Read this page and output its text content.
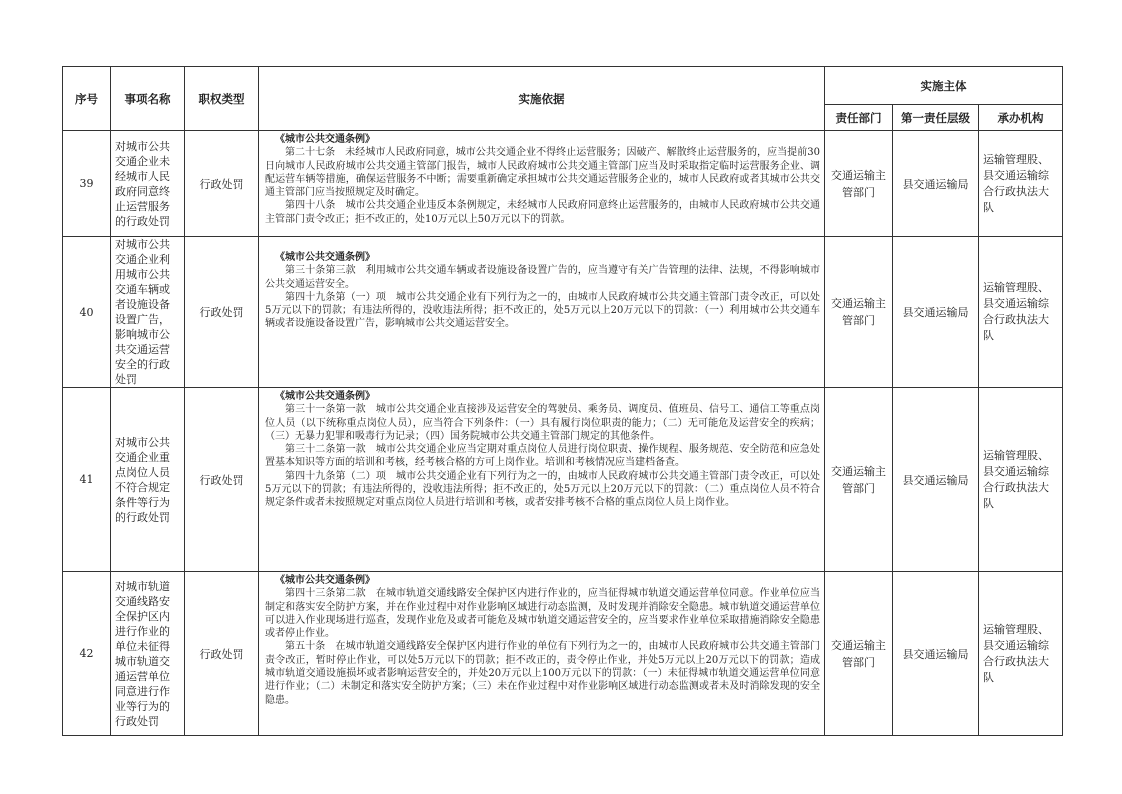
序号	事项名称	职权类型	实施依据	实施主体		
				责任部门	第一责任层级	承办机构
39	对城市公共交通企业未经城市人民政府同意终止运营服务的行政处罚	行政处罚	《城市公共交通条例》

第二十七条　未经城市人民政府同意，城市公共交通企业不得终止运营服务；因破产、解散终止运营服务的，应当提前30日向城市人民政府城市公共交通主管部门报告，城市人民政府城市公共交通主管部门应当及时采取指定临时运营服务企业、调配运营车辆等措施，确保运营服务不中断；需要重新确定承担城市公共交通运营服务企业的，城市人民政府或者其城市公共交通主管部门应当按照规定及时确定。

第四十八条　城市公共交通企业违反本条例规定，未经城市人民政府同意终止运营服务的，由城市人民政府城市公共交通主管部门责令改正；拒不改正的，处10万元以上50万元以下的罚款。	交通运输主管部门	县交通运输局	运输管理股、县交通运输综合行政执法大队
40	对城市公共交通企业利用城市公共交通车辆或者设施设备设置广告，影响城市公共交通运营安全的行政处罚	行政处罚	《城市公共交通条例》

第三十条第三款　利用城市公共交通车辆或者设施设备设置广告的，应当遵守有关广告管理的法律、法规，不得影响城市公共交通运营安全。

第四十九条第（一）项　城市公共交通企业有下列行为之一的，由城市人民政府城市公共交通主管部门责令改正，可以处5万元以下的罚款；有违法所得的，没收违法所得；拒不改正的，处5万元以上20万元以下的罚款：（一）利用城市公共交通车辆或者设施设备设置广告，影响城市公共交通运营安全。	交通运输主管部门	县交通运输局	运输管理股、县交通运输综合行政执法大队
41	对城市公共交通企业重点岗位人员不符合规定条件等行为的行政处罚	行政处罚	《城市公共交通条例》

第三十一条第一款　城市公共交通企业直接涉及运营安全的驾驶员、乘务员、调度员、值班员、信号工、通信工等重点岗位人员（以下统称重点岗位人员），应当符合下列条件：（一）具有履行岗位职责的能力；（二）无可能危及运营安全的疾病；（三）无暴力犯罪和吸毒行为记录；（四）国务院城市公共交通主管部门规定的其他条件。

第三十二条第一款　城市公共交通企业应当定期对重点岗位人员进行岗位职责、操作规程、服务规范、安全防范和应急处置基本知识等方面的培训和考核，经考核合格的方可上岗作业。培训和考核情况应当建档备查。

第四十九条第（二）项　城市公共交通企业有下列行为之一的，由城市人民政府城市公共交通主管部门责令改正，可以处5万元以下的罚款；有违法所得的，没收违法所得；拒不改正的，处5万元以上20万元以下的罚款：（二）重点岗位人员不符合规定条件或者未按照规定对重点岗位人员进行培训和考核，或者安排考核不合格的重点岗位人员上岗作业。	交通运输主管部门	县交通运输局	运输管理股、县交通运输综合行政执法大队
42	对城市轨道交通线路安全保护区内进行作业的单位未征得城市轨道交通运营单位同意进行作业等行为的行政处罚	行政处罚	《城市公共交通条例》

第四十三条第二款　在城市轨道交通线路安全保护区内进行作业的，应当征得城市轨道交通运营单位同意。作业单位应当制定和落实安全防护方案，并在作业过程中对作业影响区域进行动态监测，及时发现并消除安全隐患。城市轨道交通运营单位可以进入作业现场进行巡查，发现作业危及或者可能危及城市轨道交通运营安全的，应当要求作业单位采取措施消除安全隐患或者停止作业。

第五十条　在城市轨道交通线路安全保护区内进行作业的单位有下列行为之一的，由城市人民政府城市公共交通主管部门责令改正，暂时停止作业，可以处5万元以下的罚款；拒不改正的，责令停止作业，并处5万元以上20万元以下的罚款；造成城市轨道交通设施损坏或者影响运营安全的，并处20万元以上100万元以下的罚款：（一）未征得城市轨道交通运营单位同意进行作业；（二）未制定和落实安全防护方案；（三）未在作业过程中对作业影响区域进行动态监测或者未及时消除发现的安全隐患。	交通运输主管部门	县交通运输局	运输管理股、县交通运输综合行政执法大队
